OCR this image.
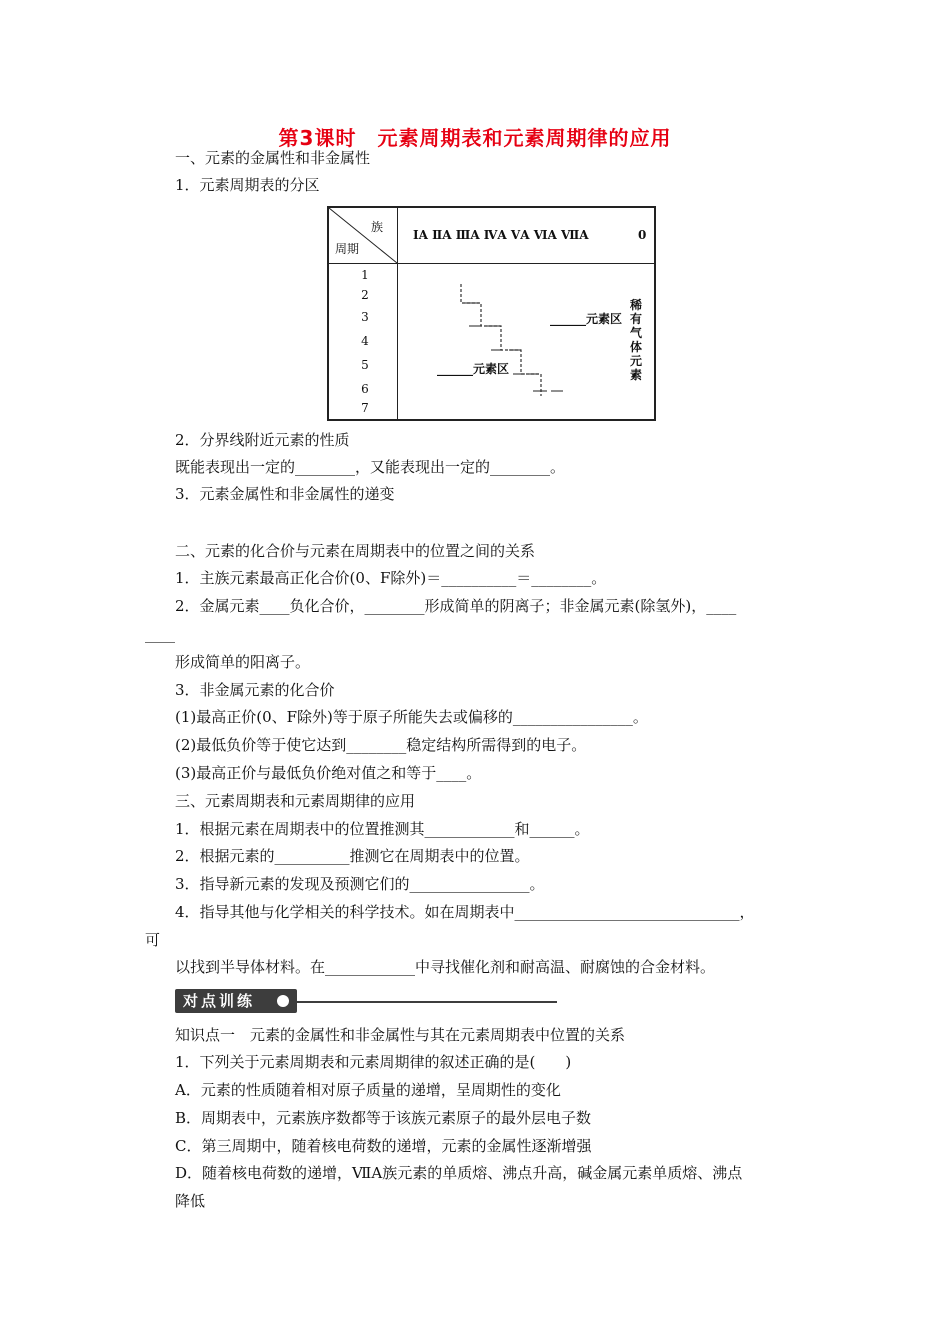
第3课时　元素周期表和元素周期律的应用
一、元素的金属性和非金属性
1．元素周期表的分区
族
周期
ⅠA ⅡA ⅢA ⅣA ⅤA ⅥA ⅦA	0
1
2
3
4
5
6
7
______元素区
______元素区
稀有气体元素
2．分界线附近元素的性质
既能表现出一定的________，又能表现出一定的________。
3．元素金属性和非金属性的递变
二、元素的化合价与元素在周期表中的位置之间的关系
1．主族元素最高正化合价(0、F除外)＝__________＝________。
2．金属元素____负化合价，________形成简单的阴离子；非金属元素(除氢外)，____
____
形成简单的阳离子。
3．非金属元素的化合价
(1)最高正价(0、F除外)等于原子所能失去或偏移的________________。
(2)最低负价等于使它达到________稳定结构所需得到的电子。
(3)最高正价与最低负价绝对值之和等于____。
三、元素周期表和元素周期律的应用
1．根据元素在周期表中的位置推测其____________和______。
2．根据元素的__________推测它在周期表中的位置。
3．指导新元素的发现及预测它们的________________。
4．指导其他与化学相关的科学技术。如在周期表中______________________________，
可
以找到半导体材料。在____________中寻找催化剂和耐高温、耐腐蚀的合金材料。
对点训练
知识点一　元素的金属性和非金属性与其在元素周期表中位置的关系
1．下列关于元素周期表和元素周期律的叙述正确的是(　　)
A．元素的性质随着相对原子质量的递增，呈周期性的变化
B．周期表中，元素族序数都等于该族元素原子的最外层电子数
C．第三周期中，随着核电荷数的递增，元素的金属性逐渐增强
D．随着核电荷数的递增，ⅦA族元素的单质熔、沸点升高，碱金属元素单质熔、沸点
降低
